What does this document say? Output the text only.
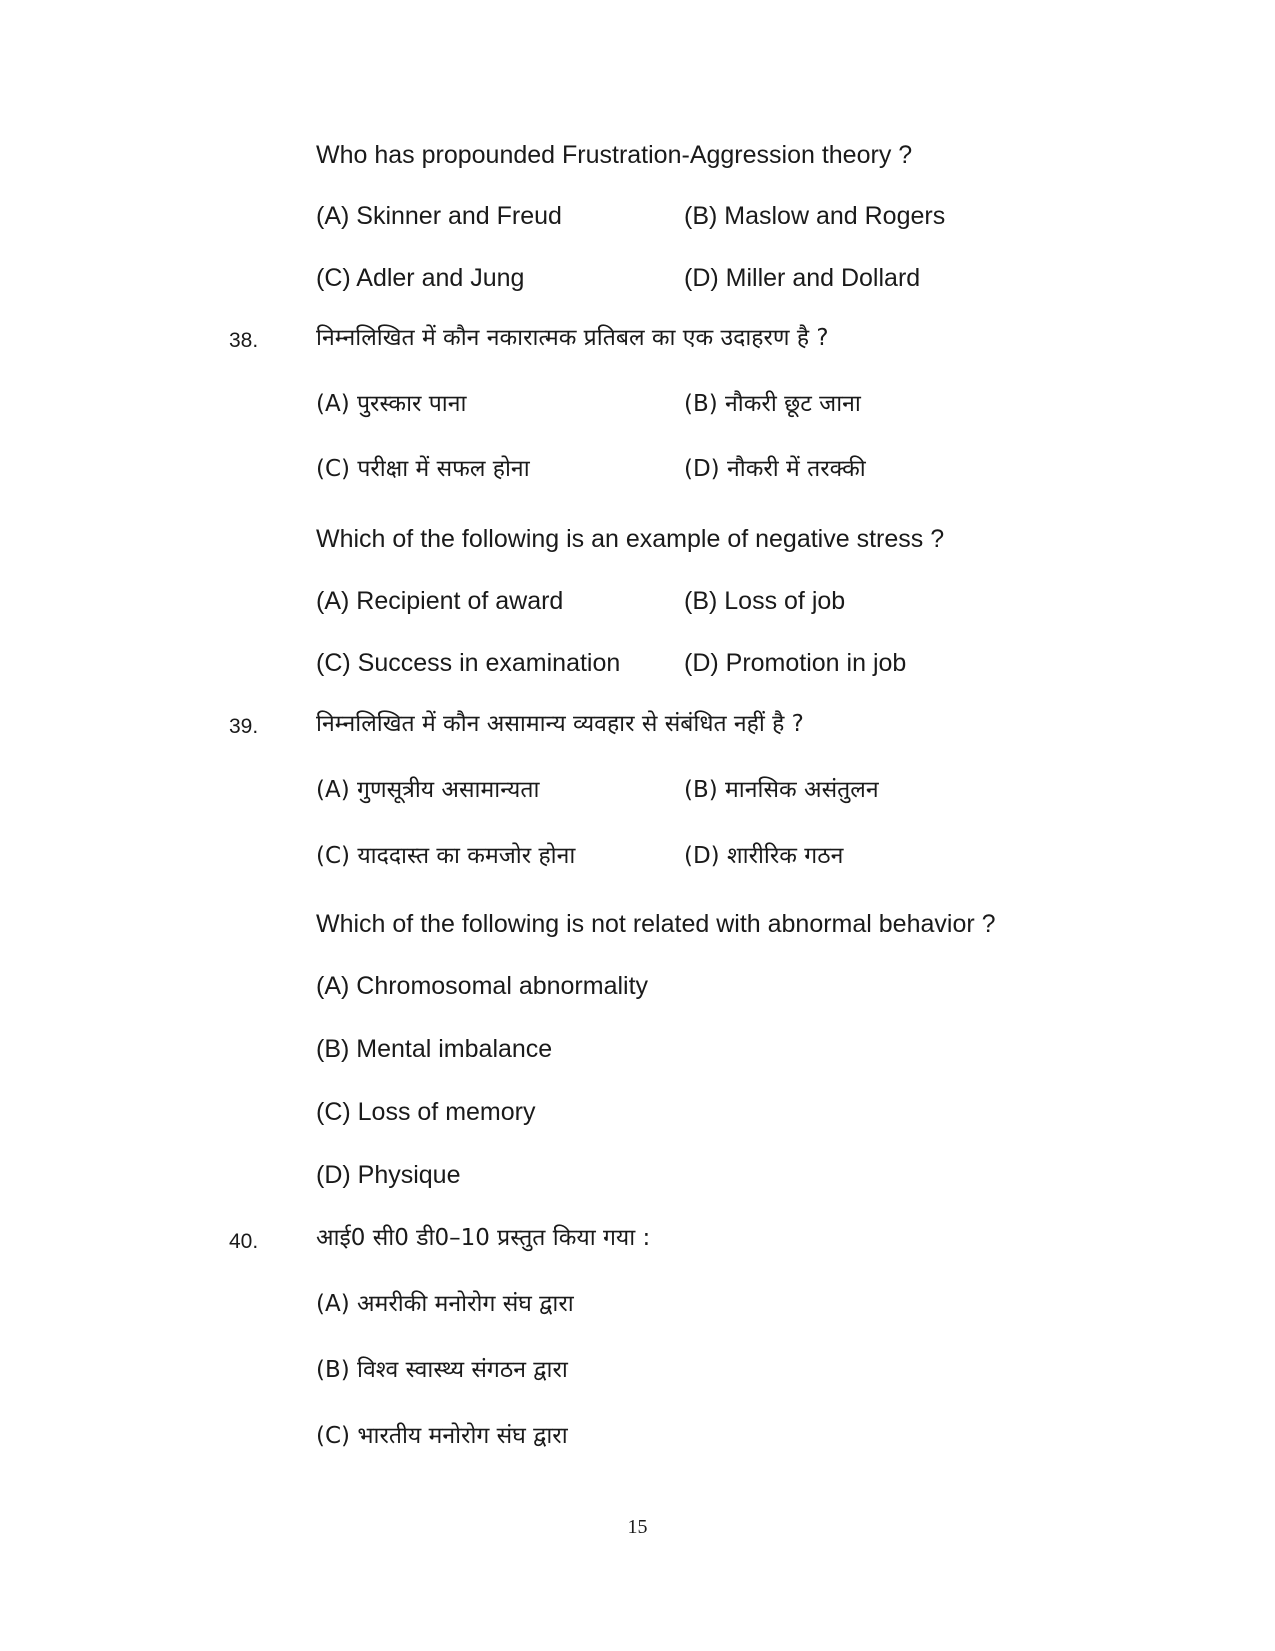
Who has propounded Frustration-Aggression theory ?
(A) Skinner and Freud	(B) Maslow and Rogers
(C) Adler and Jung	(D) Miller and Dollard
38.	निम्नलिखित में कौन नकारात्मक प्रतिबल का एक उदाहरण है ?
(A) पुरस्कार पाना	(B) नौकरी छूट जाना
(C) परीक्षा में सफल होना	(D) नौकरी में तरक्की
Which of the following is an example of negative stress ?
(A) Recipient of award	(B) Loss of job
(C) Success in examination	(D) Promotion in job
39.	निम्नलिखित में कौन असामान्य व्यवहार से संबंधित नहीं है ?
(A) गुणसूत्रीय असामान्यता	(B) मानसिक असंतुलन
(C) याददास्त का कमजोर होना	(D) शारीरिक गठन
Which of the following is not related with abnormal behavior ?
(A) Chromosomal abnormality
(B) Mental imbalance
(C) Loss of memory
(D) Physique
40.	आई0 सी0 डी0–10 प्रस्तुत किया गया :
(A) अमरीकी मनोरोग संघ द्वारा
(B) विश्व स्वास्थ्य संगठन द्वारा
(C) भारतीय मनोरोग संघ द्वारा
15
